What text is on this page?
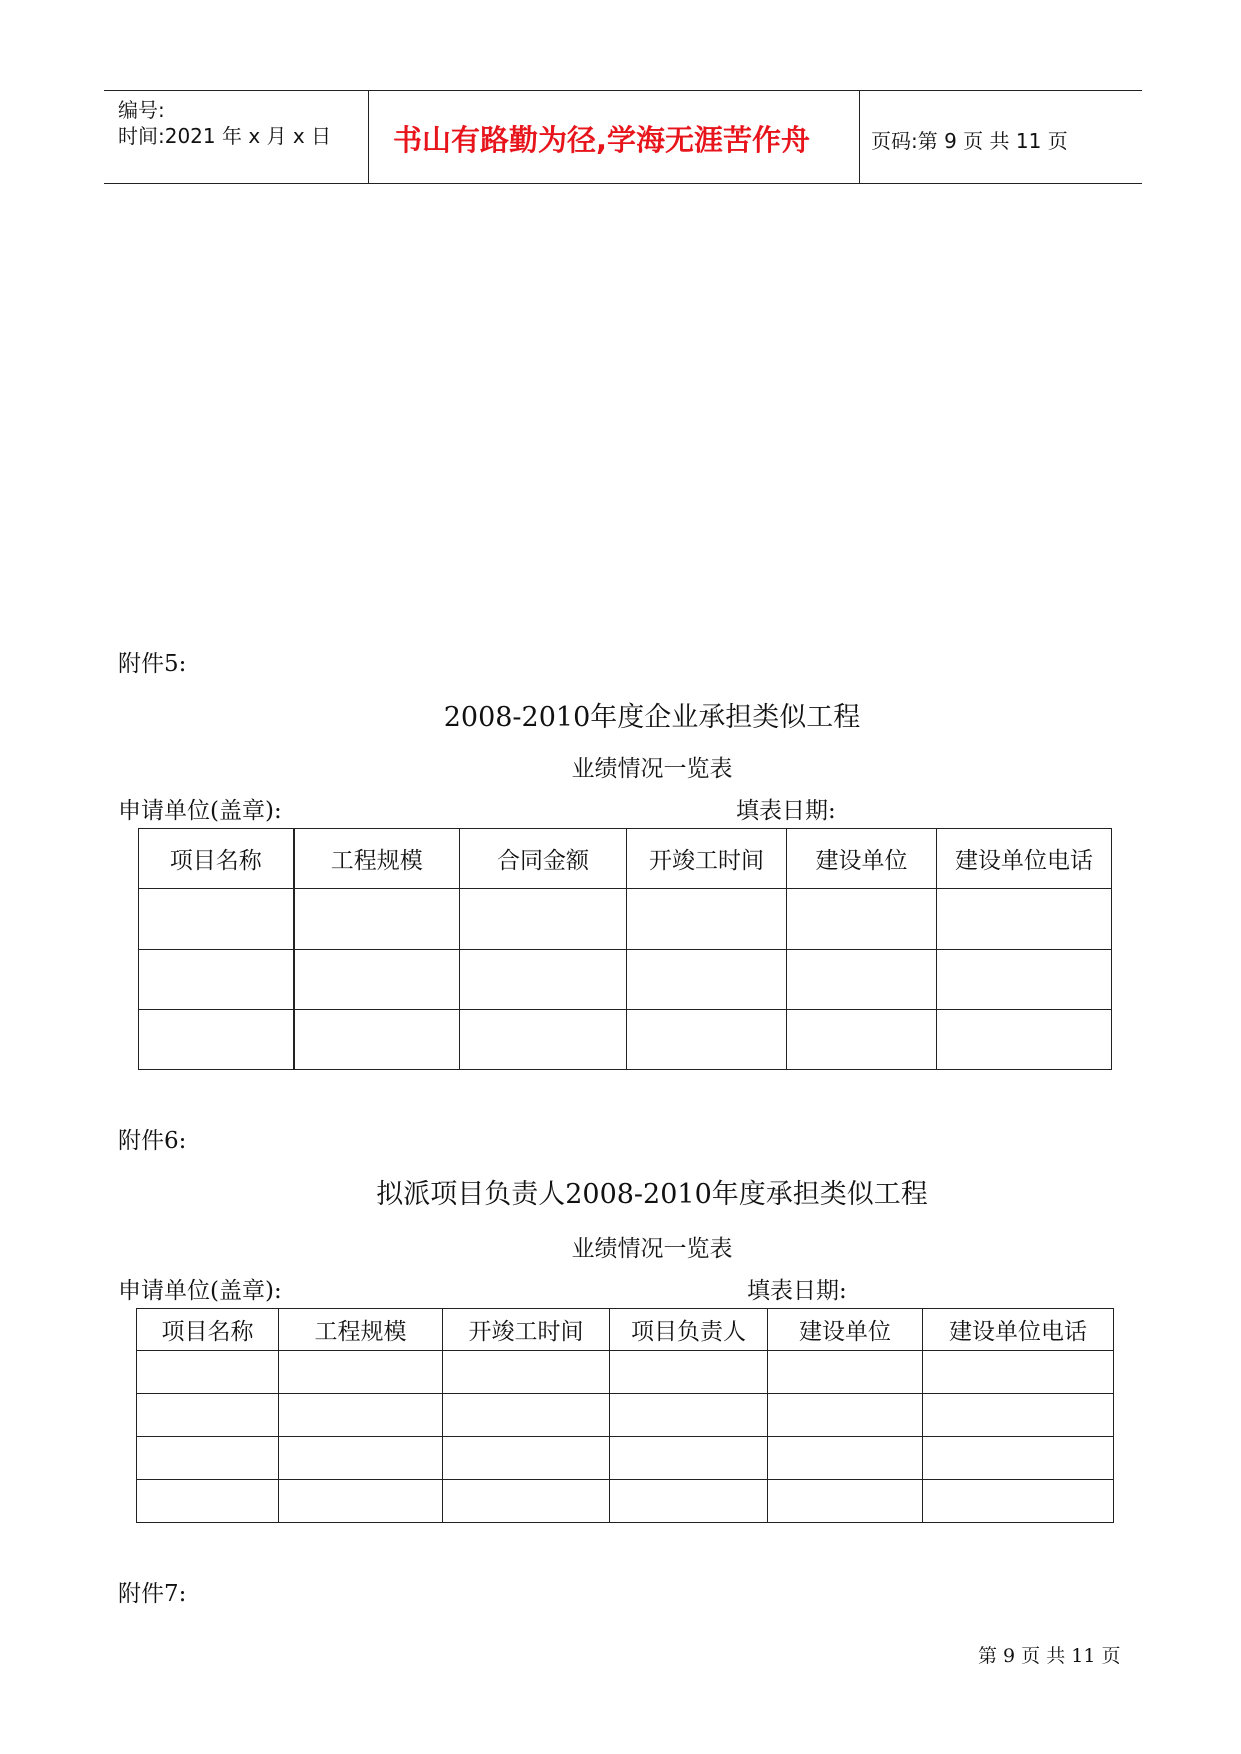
编号:
时间:2021 年 x 月 x 日 书山有路勤为径,学海无涯苦作舟	页码:第 9 页 共 11 页
附件5:
2008-2010年度企业承担类似工程
业绩情况一览表
申请单位(盖章):	填表日期:
项目名称	工程规模	合同金额	开竣工时间	建设单位	建设单位电话

附件6:
拟派项目负责人2008-2010年度承担类似工程
业绩情况一览表
申请单位(盖章):	填表日期:
项目名称	工程规模	开竣工时间	项目负责人	建设单位	建设单位电话

附件7:
第 9 页 共 11 页
